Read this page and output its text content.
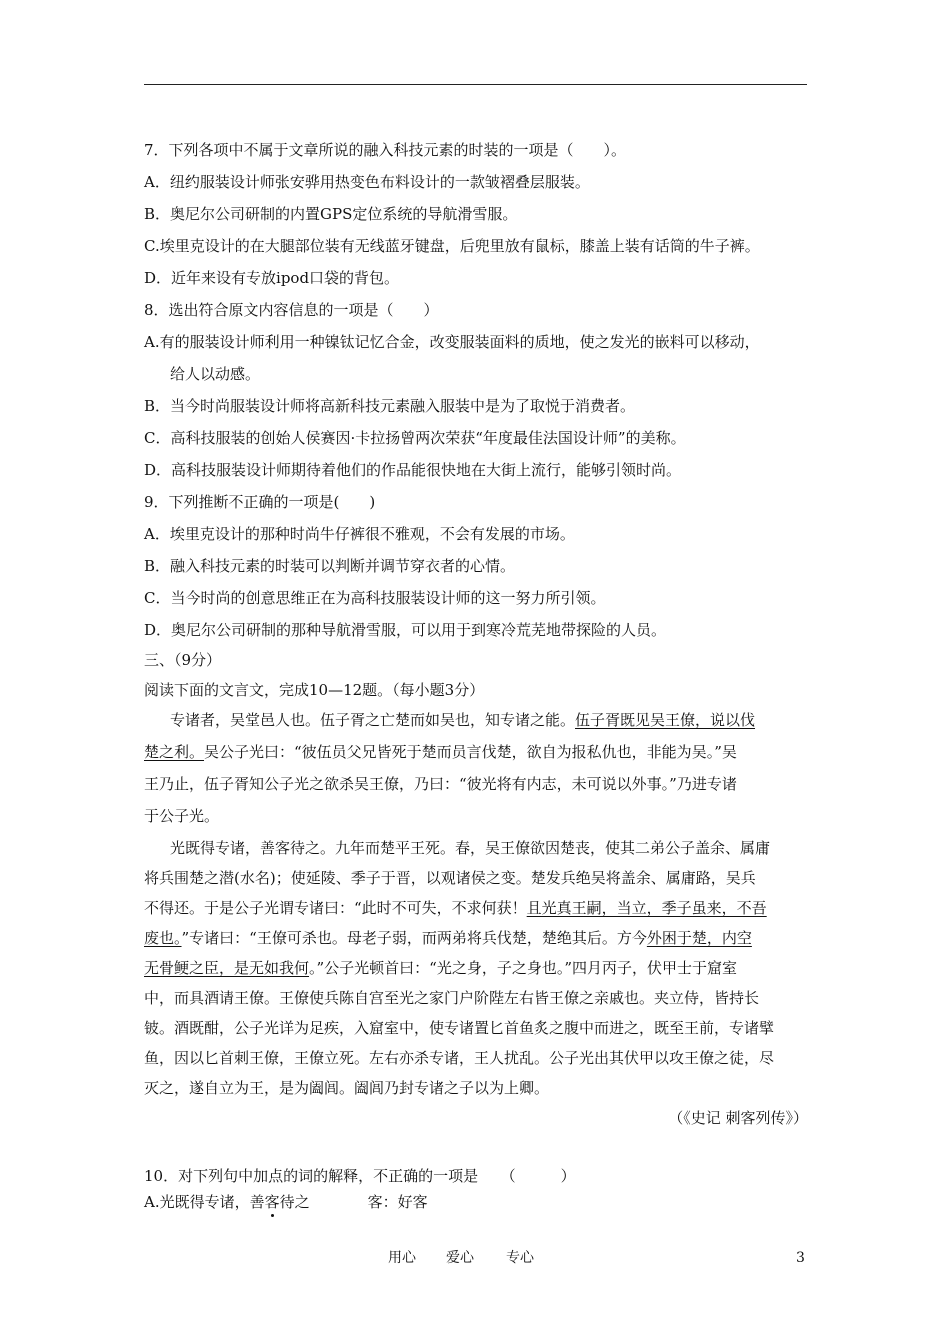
7．下列各项中不属于文章所说的融入科技元素的时装的一项是（　　）。
A．纽约服装设计师张安骅用热变色布料设计的一款皱褶叠层服装。
B．奥尼尔公司研制的内置GPS定位系统的导航滑雪服。
C.埃里克设计的在大腿部位装有无线蓝牙键盘，后兜里放有鼠标，膝盖上装有话筒的牛子裤。
D．近年来设有专放ipod口袋的背包。
8．选出符合原文内容信息的一项是（　　）
A.有的服装设计师利用一种镍钛记忆合金，改变服装面料的质地，使之发光的嵌料可以移动，
给人以动感。
B．当今时尚服装设计师将高新科技元素融入服装中是为了取悦于消费者。
C．高科技服装的创始人侯赛因·卡拉扬曾两次荣获“年度最佳法国设计师”的美称。
D．高科技服装设计师期待着他们的作品能很快地在大街上流行，能够引领时尚。
9．下列推断不正确的一项是(　　)
A．埃里克设计的那种时尚牛仔裤很不雅观，不会有发展的市场。
B．融入科技元素的时装可以判断并调节穿衣者的心情。
C．当今时尚的创意思维正在为高科技服装设计师的这一努力所引领。
D．奥尼尔公司研制的那种导航滑雪服，可以用于到寒冷荒芜地带探险的人员。
三、（9分）
阅读下面的文言文，完成10—12题。（每小题3分）
专诸者，吴堂邑人也。伍子胥之亡楚而如吴也，知专诸之能。伍子胥既见吴王僚，说以伐
楚之利。吴公子光曰：“彼伍员父兄皆死于楚而员言伐楚，欲自为报私仇也，非能为吴。”吴
王乃止，伍子胥知公子光之欲杀吴王僚，乃曰：“彼光将有内志，未可说以外事。”乃进专诸
于公子光。
光既得专诸，善客待之。九年而楚平王死。春，吴王僚欲因楚丧，使其二弟公子盖余、属庸
将兵围楚之潜(水名)；使延陵、季子于晋，以观诸侯之变。楚发兵绝吴将盖余、属庸路，吴兵
不得还。于是公子光谓专诸曰：“此时不可失，不求何获！且光真王嗣，当立，季子虽来，不吾
废也。”专诸曰：“王僚可杀也。母老子弱，而两弟将兵伐楚，楚绝其后。方今外困于楚，内空
无骨鲠之臣，是无如我何。”公子光顿首曰：“光之身，子之身也。”四月丙子，伏甲士于窟室
中，而具酒请王僚。王僚使兵陈自宫至光之家门户阶陛左右皆王僚之亲戚也。夹立侍，皆持长
铍。酒既酣，公子光详为足疾，入窟室中，使专诸置匕首鱼炙之腹中而进之，既至王前，专诸擘
鱼，因以匕首刺王僚，王僚立死。左右亦杀专诸，王人扰乱。公子光出其伏甲以攻王僚之徒，尽
灭之，遂自立为王，是为阖闾。阖闾乃封专诸之子以为上卿。
（《史记 刺客列传》）
10．对下列句中加点的词的解释，不正确的一项是　　（　　　）
A.光既得专诸，善客待之	客：好客
用心 爱心 专心	3
